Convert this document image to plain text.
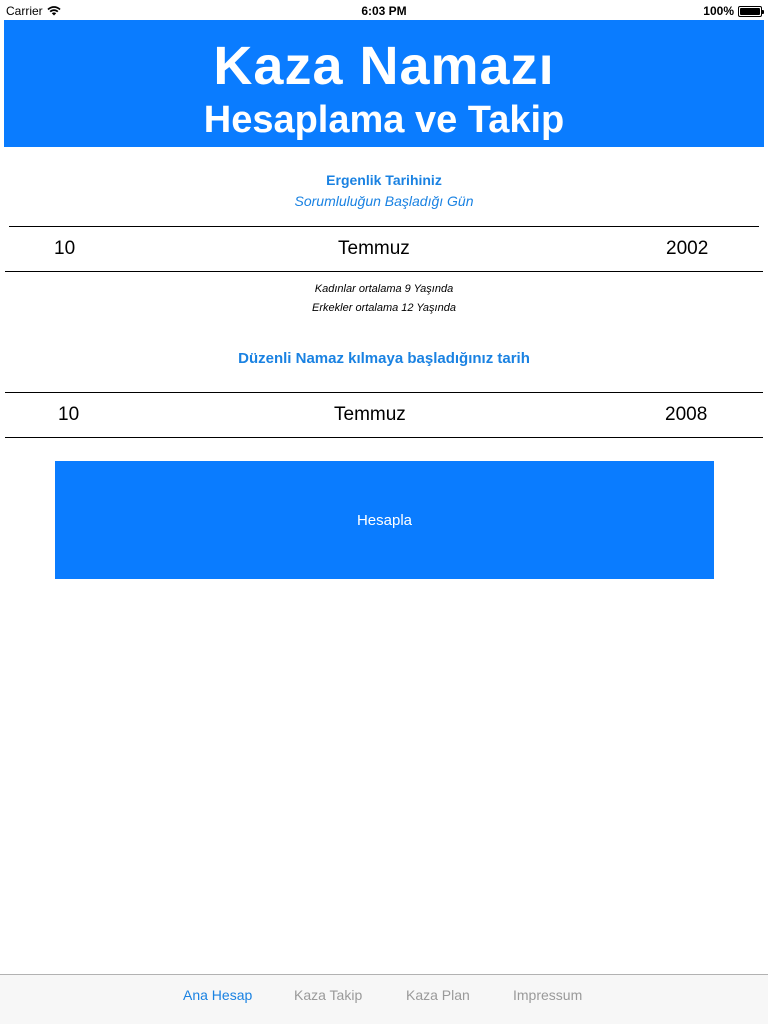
Carrier	6:03 PM	100%
Kaza Namazı
Hesaplama ve Takip
Ergenlik Tarihiniz
Sorumluluğun Başladığı Gün
10	Temmuz	2002
Kadınlar ortalama 9 Yaşında
Erkekler ortalama 12 Yaşında
Düzenli Namaz kılmaya başladığınız tarih
10	Temmuz	2008
Hesapla
Ana Hesap	Kaza Takip	Kaza Plan	Impressum
